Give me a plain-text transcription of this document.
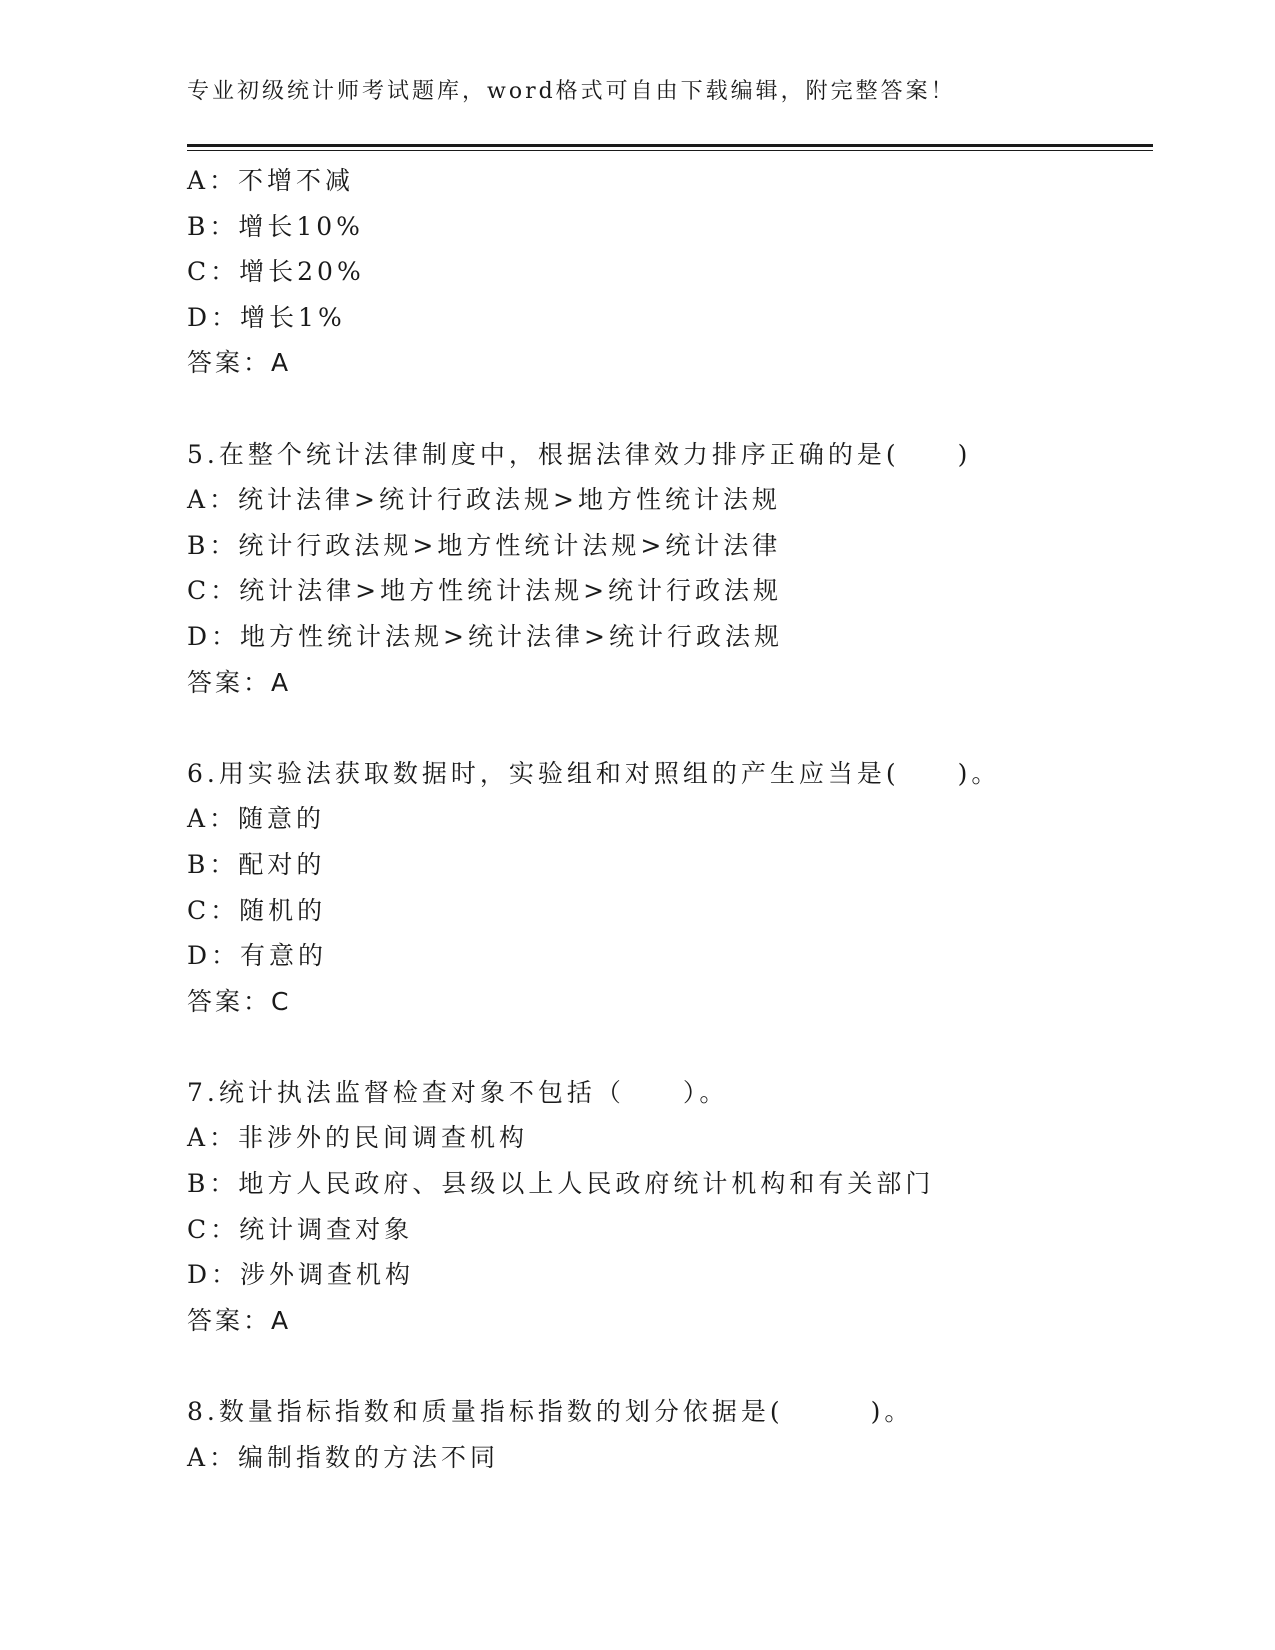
专业初级统计师考试题库，word格式可自由下载编辑，附完整答案！
A：不增不减
B：增长10%
C：增长20%
D：增长1%
答案：A
5.在整个统计法律制度中，根据法律效力排序正确的是(　　)
A：统计法律>统计行政法规>地方性统计法规
B：统计行政法规>地方性统计法规>统计法律
C：统计法律>地方性统计法规>统计行政法规
D：地方性统计法规>统计法律>统计行政法规
答案：A
6.用实验法获取数据时，实验组和对照组的产生应当是(　　)。
A：随意的
B：配对的
C：随机的
D：有意的
答案：C
7.统计执法监督检查对象不包括（　　）。
A：非涉外的民间调查机构
B：地方人民政府、县级以上人民政府统计机构和有关部门
C：统计调查对象
D：涉外调查机构
答案：A
8.数量指标指数和质量指标指数的划分依据是(　　　)。
A：编制指数的方法不同
